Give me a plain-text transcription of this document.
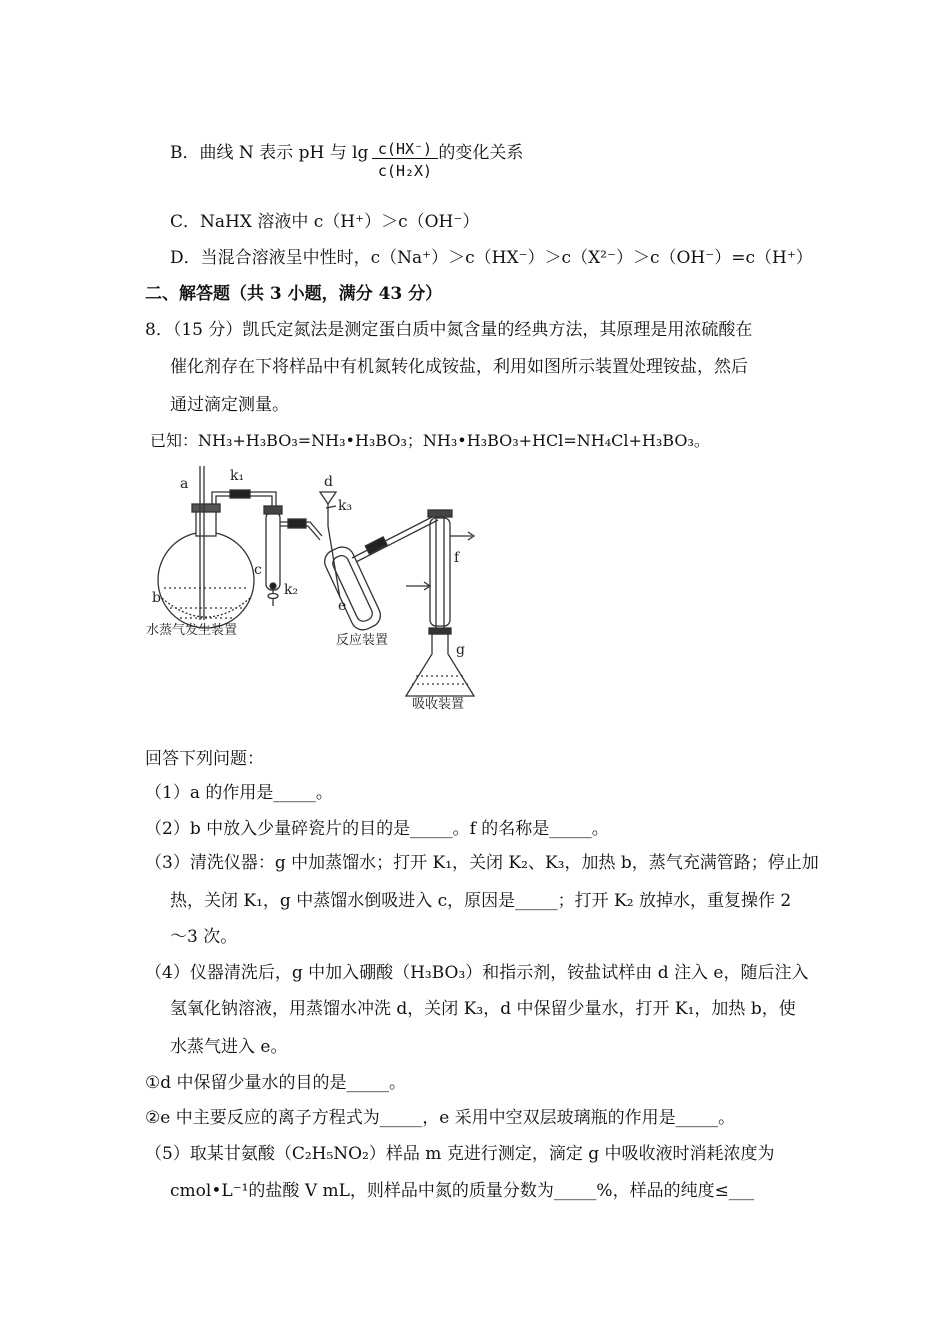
B．曲线 N 表示 pH 与 lg	的变化关系
c(HX⁻)
c(H₂X)
C．NaHX 溶液中 c（H⁺）＞c（OH⁻）
D．当混合溶液呈中性时，c（Na⁺）＞c（HX⁻）＞c（X²⁻）＞c（OH⁻）=c（H⁺）
二、解答题（共 3 小题，满分 43 分）
8．（15 分）凯氏定氮法是测定蛋白质中氮含量的经典方法，其原理是用浓硫酸在
催化剂存在下将样品中有机氮转化成铵盐，利用如图所示装置处理铵盐，然后
通过滴定测量。
已知：NH₃+H₃BO₃=NH₃•H₃BO₃；NH₃•H₃BO₃+HCl=NH₄Cl+H₃BO₃。
a
b
c
d
e
f
g
k₁
k₂
k₃
水蒸气发生装置
反应装置
吸收装置
回答下列问题：
（1）a 的作用是_____。
（2）b 中放入少量碎瓷片的目的是_____。f 的名称是_____。
（3）清洗仪器：g 中加蒸馏水；打开 K₁，关闭 K₂、K₃，加热 b，蒸气充满管路；停止加
热，关闭 K₁，g 中蒸馏水倒吸进入 c，原因是_____；打开 K₂ 放掉水，重复操作 2
～3 次。
（4）仪器清洗后，g 中加入硼酸（H₃BO₃）和指示剂，铵盐试样由 d 注入 e，随后注入
氢氧化钠溶液，用蒸馏水冲洗 d，关闭 K₃，d 中保留少量水，打开 K₁，加热 b，使
水蒸气进入 e。
①d 中保留少量水的目的是_____。
②e 中主要反应的离子方程式为_____，e 采用中空双层玻璃瓶的作用是_____。
（5）取某甘氨酸（C₂H₅NO₂）样品 m 克进行测定，滴定 g 中吸收液时消耗浓度为
cmol•L⁻¹的盐酸 V mL，则样品中氮的质量分数为_____%，样品的纯度≤___
